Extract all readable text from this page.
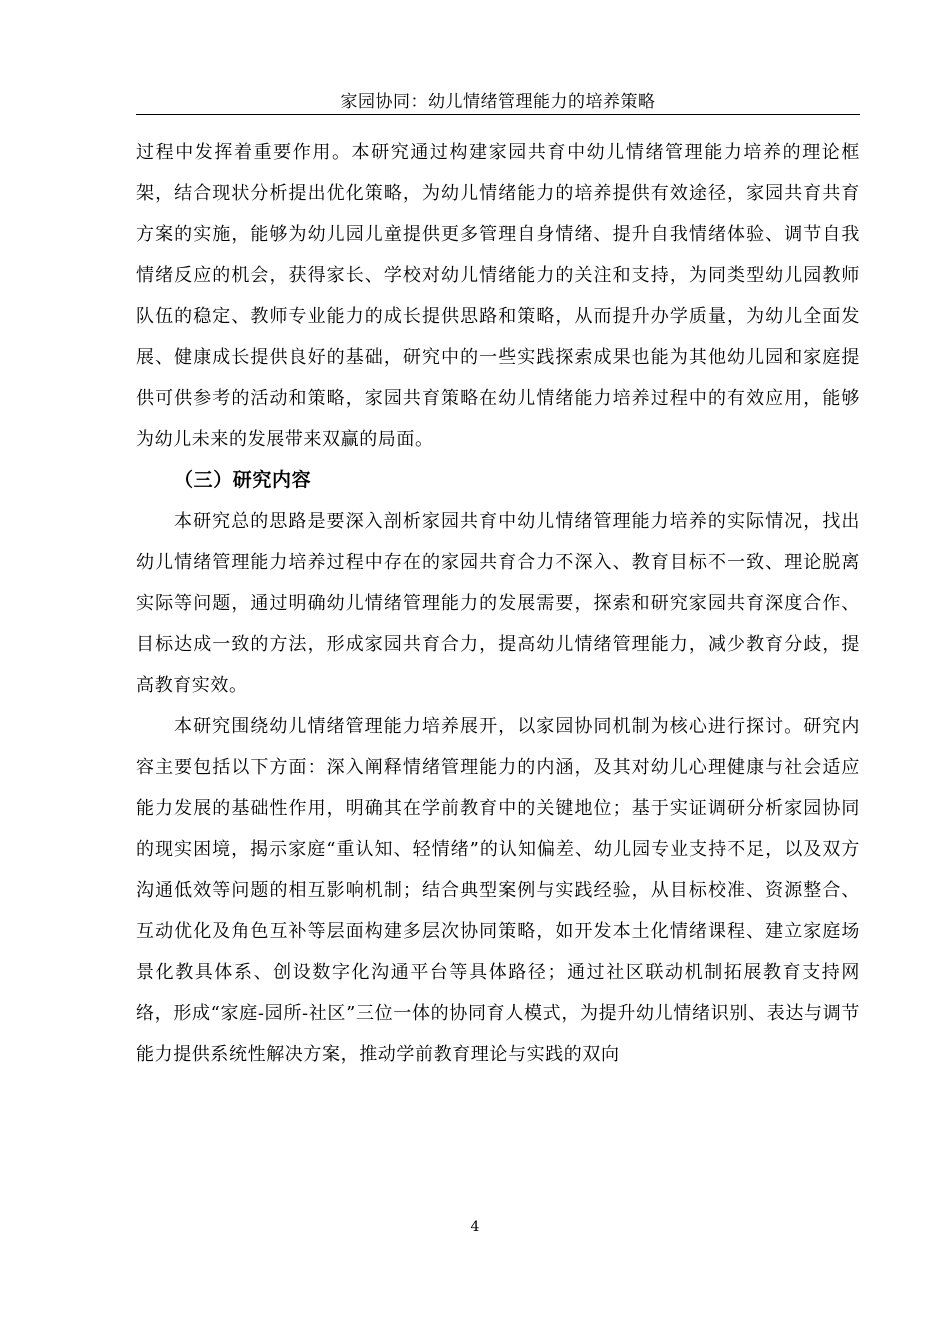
家园协同：幼儿情绪管理能力的培养策略

过程中发挥着重要作用。本研究通过构建家园共育中幼儿情绪管理能力培养的理论框架，结合现状分析提出优化策略，为幼儿情绪能力的培养提供有效途径，家园共育共育方案的实施，能够为幼儿园儿童提供更多管理自身情绪、提升自我情绪体验、调节自我情绪反应的机会，获得家长、学校对幼儿情绪能力的关注和支持，为同类型幼儿园教师队伍的稳定、教师专业能力的成长提供思路和策略，从而提升办学质量，为幼儿全面发展、健康成长提供良好的基础，研究中的一些实践探索成果也能为其他幼儿园和家庭提供可供参考的活动和策略，家园共育策略在幼儿情绪能力培养过程中的有效应用，能够为幼儿未来的发展带来双赢的局面。

（三）研究内容

本研究总的思路是要深入剖析家园共育中幼儿情绪管理能力培养的实际情况，找出幼儿情绪管理能力培养过程中存在的家园共育合力不深入、教育目标不一致、理论脱离实际等问题，通过明确幼儿情绪管理能力的发展需要，探索和研究家园共育深度合作、目标达成一致的方法，形成家园共育合力，提高幼儿情绪管理能力，减少教育分歧，提高教育实效。

本研究围绕幼儿情绪管理能力培养展开，以家园协同机制为核心进行探讨。研究内容主要包括以下方面：深入阐释情绪管理能力的内涵，及其对幼儿心理健康与社会适应能力发展的基础性作用，明确其在学前教育中的关键地位；基于实证调研分析家园协同的现实困境，揭示家庭“重认知、轻情绪”的认知偏差、幼儿园专业支持不足，以及双方沟通低效等问题的相互影响机制；结合典型案例与实践经验，从目标校准、资源整合、互动优化及角色互补等层面构建多层次协同策略，如开发本土化情绪课程、建立家庭场景化教具体系、创设数字化沟通平台等具体路径；通过社区联动机制拓展教育支持网络，形成“家庭-园所-社区”三位一体的协同育人模式，为提升幼儿情绪识别、表达与调节能力提供系统性解决方案，推动学前教育理论与实践的双向

4
